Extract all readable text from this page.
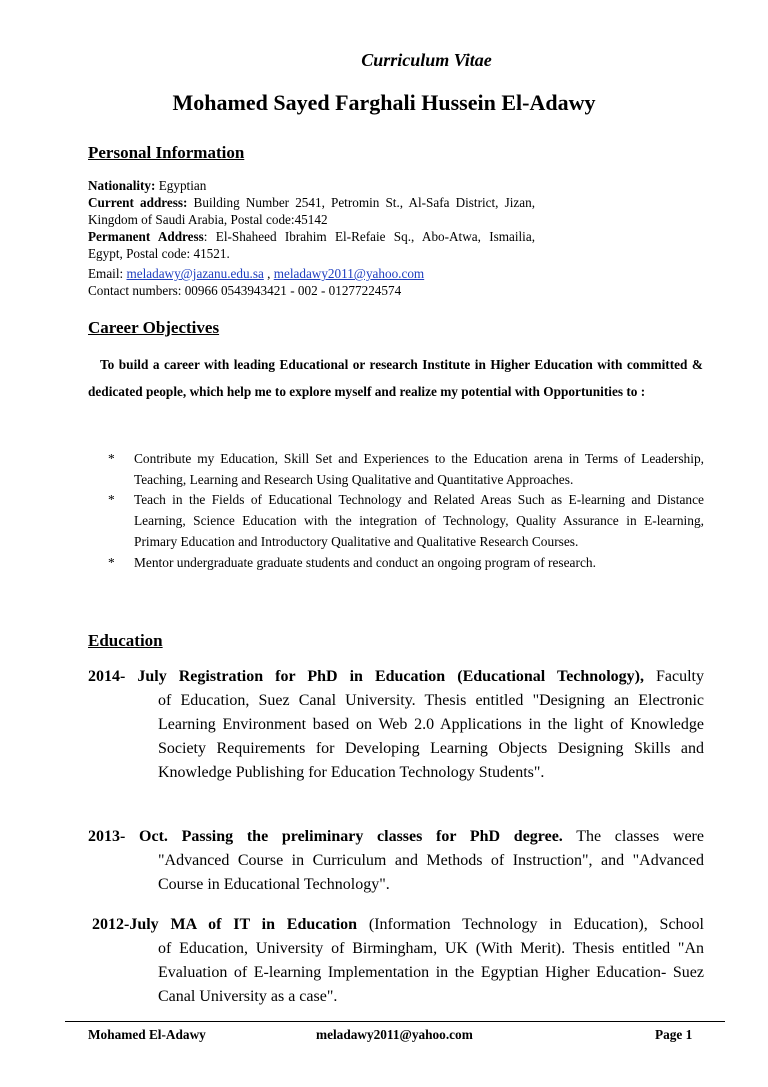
Curriculum Vitae
Mohamed Sayed Farghali Hussein El-Adawy
Personal Information

Nationality: Egyptian

Current address: Building Number 2541, Petromin St., Al-Safa District, Jizan, Kingdom of Saudi Arabia, Postal code:45142

Permanent Address: El-Shaheed Ibrahim El-Refaie Sq., Abo-Atwa, Ismailia, Egypt, Postal code: 41521.

Email: meladawy@jazanu.edu.sa , meladawy2011@yahoo.com

Contact numbers: 00966 0543943421 - 002 - 01277224574

Career Objectives

To build a career with leading Educational or research Institute in Higher Education with committed & dedicated people, which help me to explore myself and realize my potential with Opportunities to :

* Contribute my Education, Skill Set and Experiences to the Education arena in Terms of Leadership, Teaching, Learning and Research Using Qualitative and Quantitative Approaches.
* Teach in the Fields of Educational Technology and Related Areas Such as E-learning and Distance Learning, Science Education with the integration of Technology, Quality Assurance in E-learning, Primary Education and Introductory Qualitative and Qualitative Research Courses.
* Mentor undergraduate graduate students and conduct an ongoing program of research.
Education
2014- July Registration for PhD in Education (Educational Technology), Faculty
of Education, Suez Canal University. Thesis entitled "Designing an Electronic Learning Environment based on Web 2.0 Applications in the light of Knowledge Society Requirements for Developing Learning Objects Designing Skills and Knowledge Publishing for Education Technology Students".
2013- Oct. Passing the preliminary classes for PhD degree. The classes were
"Advanced Course in Curriculum and Methods of Instruction", and "Advanced Course in Educational Technology".
2012-July MA of IT in Education (Information Technology in Education), School
of Education, University of Birmingham, UK (With Merit). Thesis entitled "An Evaluation of E-learning Implementation in the Egyptian Higher Education- Suez Canal University as a case".
Mohamed El-Adawy	meladawy2011@yahoo.com	Page 1
